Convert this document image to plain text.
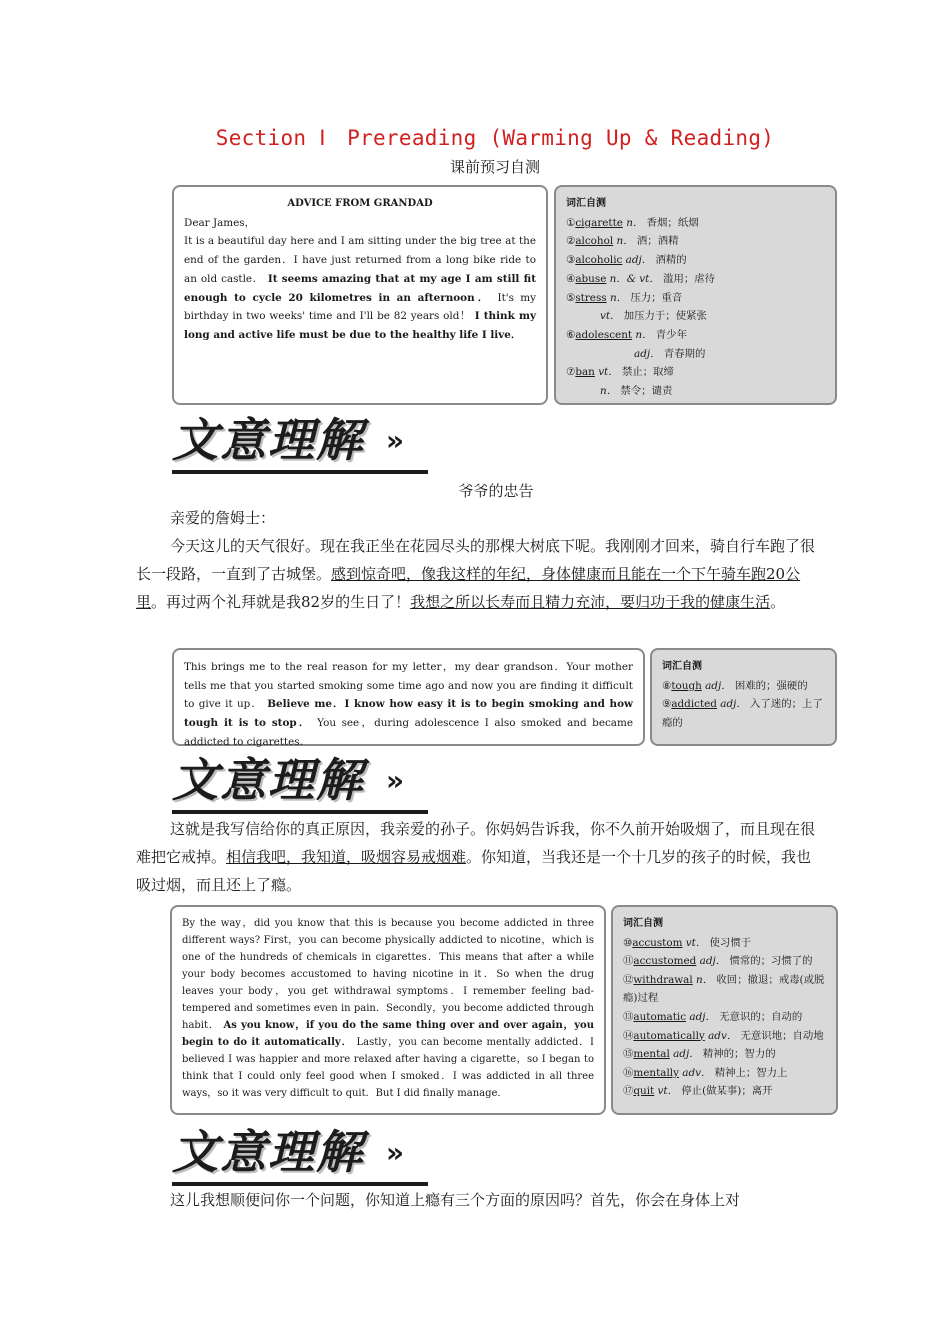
Section Ⅰ　Prereading (Warming Up & Reading)
课前预习自测
ADVICE FROM GRANDAD

Dear James，

It is a beautiful day here and I am sitting under the big tree at the end of the garden．I have just returned from a long bike ride to an old castle． It seems amazing that at my age I am still fit enough to cycle 20 kilometres in an afternoon． It's my birthday in two weeks' time and I'll be 82 years old！ I think my long and active life must be due to the healthy life I live．

词汇自测
①cigarette n． 香烟；纸烟
②alcohol n． 酒；酒精
③alcoholic adj． 酒精的
④abuse n．& vt． 滥用；虐待
⑤stress n． 压力；重音
vt． 加压力于；使紧张
⑥adolescent n． 青少年
adj． 青春期的
⑦ban vt． 禁止；取缔
n． 禁令；谴责
文意理解 »
爷爷的忠告
亲爱的詹姆士：

今天这儿的天气很好。现在我正坐在花园尽头的那棵大树底下呢。我刚刚才回来，骑自行车跑了很长一段路，一直到了古城堡。感到惊奇吧，像我这样的年纪，身体健康而且能在一个下午骑车跑20公里。再过两个礼拜就是我82岁的生日了！我想之所以长寿而且精力充沛，要归功于我的健康生活。

This brings me to the real reason for my letter，my dear grandson．Your mother tells me that you started smoking some time ago and now you are finding it difficult to give it up． Believe me．I know how easy it is to begin smoking and how tough it is to stop． You see，during adolescence I also smoked and became addicted to cigarettes．

词汇自测
⑧tough adj． 困难的；强硬的
⑨addicted adj． 入了迷的；上了瘾的
文意理解 »

这就是我写信给你的真正原因，我亲爱的孙子。你妈妈告诉我，你不久前开始吸烟了，而且现在很难把它戒掉。相信我吧，我知道，吸烟容易戒烟难。你知道，当我还是一个十几岁的孩子的时候，我也吸过烟，而且还上了瘾。

By the way，did you know that this is because you become addicted in three different ways? First，you can become physically addicted to nicotine，which is one of the hundreds of chemicals in cigarettes．This means that after a while your body becomes accustomed to having nicotine in it．So when the drug leaves your body，you get withdrawal symptoms．I remember feeling bad-tempered and sometimes even in pain．Secondly，you become addicted through habit． As you know，if you do the same thing over and over again，you begin to do it automatically． Lastly，you can become mentally addicted．I believed I was happier and more relaxed after having a cigarette，so I began to think that I could only feel good when I smoked．I was addicted in all three ways，so it was very difficult to quit．But I did finally manage．

词汇自测
⑩accustom vt． 使习惯于
⑪accustomed adj． 惯常的；习惯了的
⑫withdrawal n． 收回；撤退；戒毒(或脱瘾)过程
⑬automatic adj． 无意识的；自动的
⑭automatically adv． 无意识地；自动地
⑮mental adj． 精神的；智力的
⑯mentally adv． 精神上；智力上
⑰quit vt． 停止(做某事)；离开
文意理解 »
这儿我想顺便问你一个问题，你知道上瘾有三个方面的原因吗？首先，你会在身体上对
